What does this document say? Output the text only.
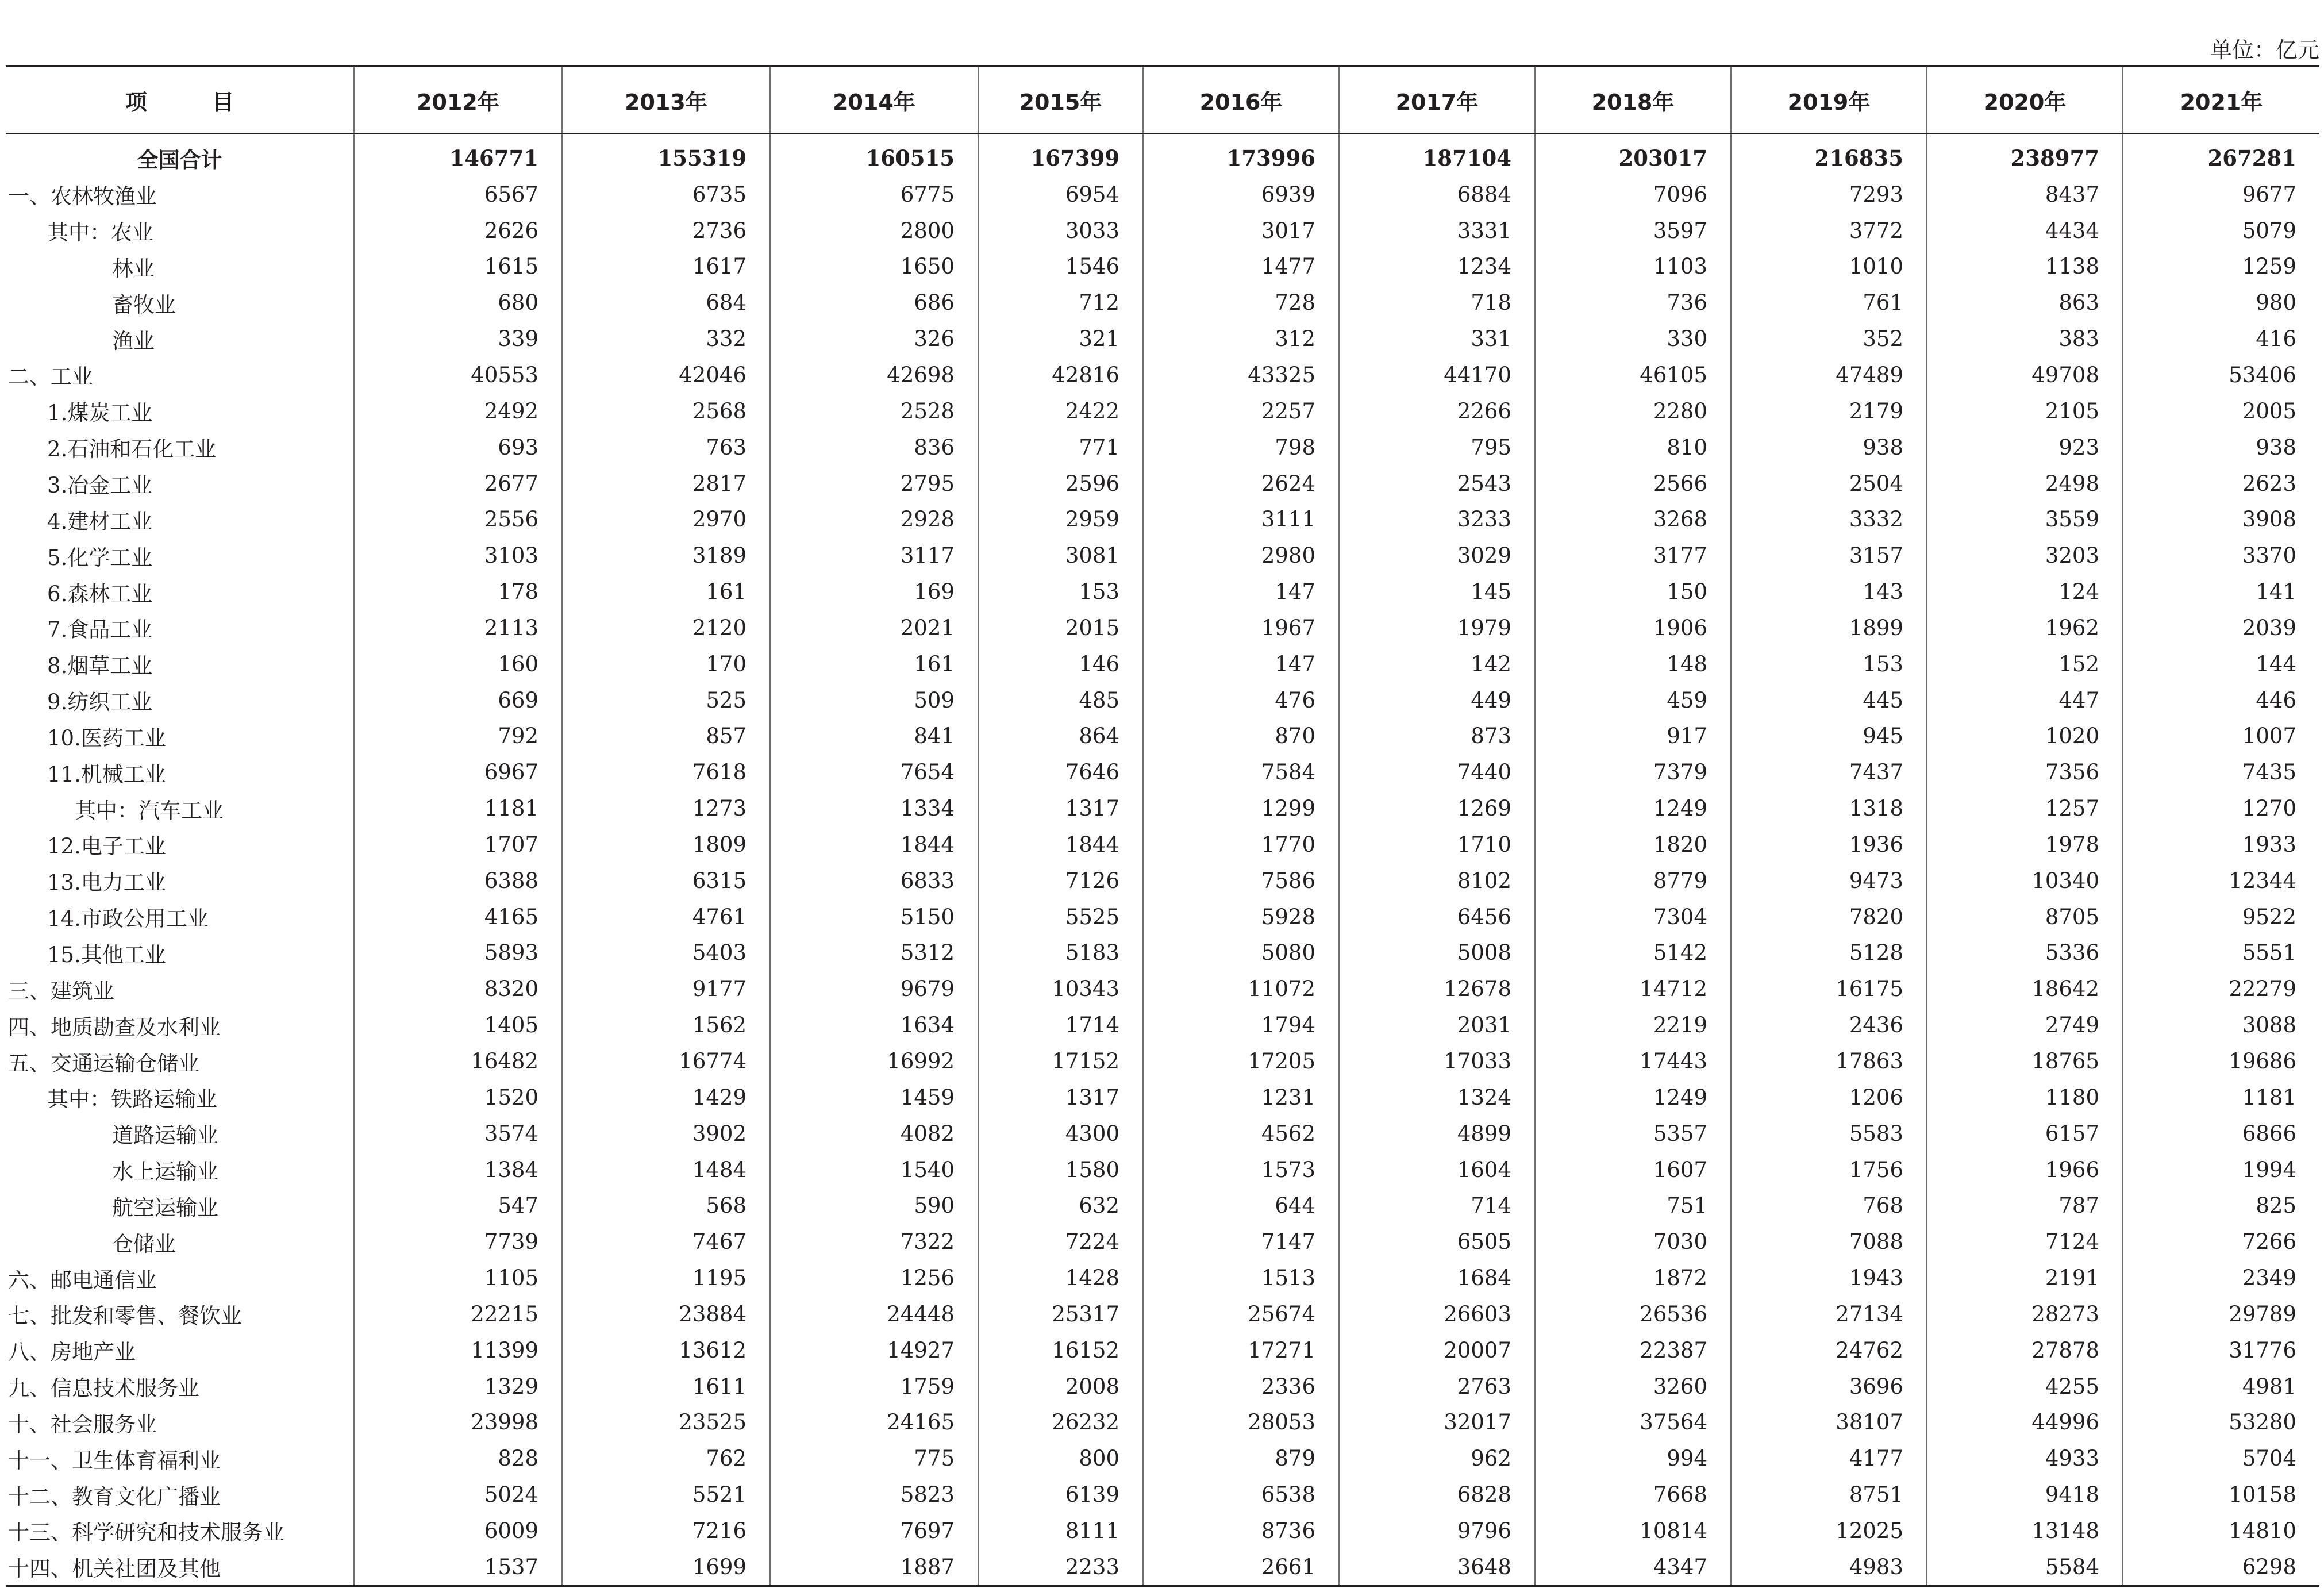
单位：亿元
项 目	2012年	2013年	2014年	2015年	2016年	2017年	2018年	2019年	2020年	2021年
全国合计	146771	155319	160515	167399	173996	187104	203017	216835	238977	267281
一、农林牧渔业	6567	6735	6775	6954	6939	6884	7096	7293	8437	9677
其中：农业	2626	2736	2800	3033	3017	3331	3597	3772	4434	5079
林业	1615	1617	1650	1546	1477	1234	1103	1010	1138	1259
畜牧业	680	684	686	712	728	718	736	761	863	980
渔业	339	332	326	321	312	331	330	352	383	416
二、工业	40553	42046	42698	42816	43325	44170	46105	47489	49708	53406
1.煤炭工业	2492	2568	2528	2422	2257	2266	2280	2179	2105	2005
2.石油和石化工业	693	763	836	771	798	795	810	938	923	938
3.冶金工业	2677	2817	2795	2596	2624	2543	2566	2504	2498	2623
4.建材工业	2556	2970	2928	2959	3111	3233	3268	3332	3559	3908
5.化学工业	3103	3189	3117	3081	2980	3029	3177	3157	3203	3370
6.森林工业	178	161	169	153	147	145	150	143	124	141
7.食品工业	2113	2120	2021	2015	1967	1979	1906	1899	1962	2039
8.烟草工业	160	170	161	146	147	142	148	153	152	144
9.纺织工业	669	525	509	485	476	449	459	445	447	446
10.医药工业	792	857	841	864	870	873	917	945	1020	1007
11.机械工业	6967	7618	7654	7646	7584	7440	7379	7437	7356	7435
其中：汽车工业	1181	1273	1334	1317	1299	1269	1249	1318	1257	1270
12.电子工业	1707	1809	1844	1844	1770	1710	1820	1936	1978	1933
13.电力工业	6388	6315	6833	7126	7586	8102	8779	9473	10340	12344
14.市政公用工业	4165	4761	5150	5525	5928	6456	7304	7820	8705	9522
15.其他工业	5893	5403	5312	5183	5080	5008	5142	5128	5336	5551
三、建筑业	8320	9177	9679	10343	11072	12678	14712	16175	18642	22279
四、地质勘查及水利业	1405	1562	1634	1714	1794	2031	2219	2436	2749	3088
五、交通运输仓储业	16482	16774	16992	17152	17205	17033	17443	17863	18765	19686
其中：铁路运输业	1520	1429	1459	1317	1231	1324	1249	1206	1180	1181
道路运输业	3574	3902	4082	4300	4562	4899	5357	5583	6157	6866
水上运输业	1384	1484	1540	1580	1573	1604	1607	1756	1966	1994
航空运输业	547	568	590	632	644	714	751	768	787	825
仓储业	7739	7467	7322	7224	7147	6505	7030	7088	7124	7266
六、邮电通信业	1105	1195	1256	1428	1513	1684	1872	1943	2191	2349
七、批发和零售、餐饮业	22215	23884	24448	25317	25674	26603	26536	27134	28273	29789
八、房地产业	11399	13612	14927	16152	17271	20007	22387	24762	27878	31776
九、信息技术服务业	1329	1611	1759	2008	2336	2763	3260	3696	4255	4981
十、社会服务业	23998	23525	24165	26232	28053	32017	37564	38107	44996	53280
十一、卫生体育福利业	828	762	775	800	879	962	994	4177	4933	5704
十二、教育文化广播业	5024	5521	5823	6139	6538	6828	7668	8751	9418	10158
十三、科学研究和技术服务业	6009	7216	7697	8111	8736	9796	10814	12025	13148	14810
十四、机关社团及其他	1537	1699	1887	2233	2661	3648	4347	4983	5584	6298
